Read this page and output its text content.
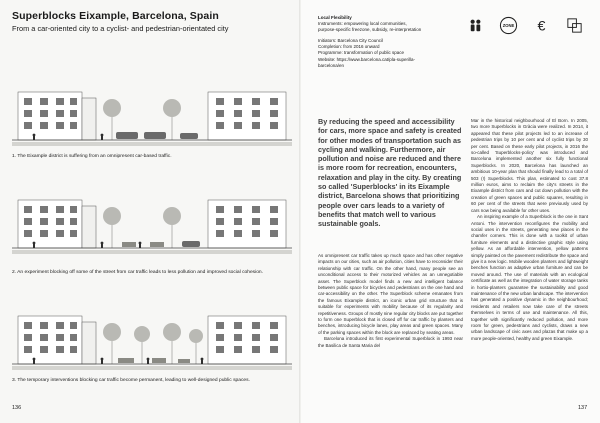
Superblocks Eixample, Barcelona, Spain
From a car-oriented city to a cyclist- and pedestrian-orientated city
1. The Eixample district is suffering from an omnipresent car-based traffic.
2. An experiment blocking off some of the street from car traffic leads to less pollution and improved social cohesion.
3. The temporary interventions blocking car traffic become permanent, leading to well-designed public spaces.
136
Local Flexibility
Instruments: empowering local communities,
purpose-specific freezone, subsidy, re-interpretation
Initiators: Barcelona City Council
Completion: from 2016 onward
Programme: transformation of public space
Website: https://www.barcelona.cat/pla-superilla-
barcelona/en
ZONE €
By reducing the speed and accessibility for cars, more space and safety is created for other modes of transportation such as cycling and walking. Furthermore, air pollution and noise are reduced and there is more room for recreation, encounters, relaxation and play in the city. By creating so called 'Superblocks' in its Eixample district, Barcelona shows that prioritizing people over cars leads to a variety of benefits that match well to various sustainable goals.

As omnipresent car traffic takes up much space and has other negative impacts on our cities, such as air pollution, cities have to reconsider their relationship with car traffic. On the other hand, many people see an unconditional access to their motorized vehicles as an unnegotiable asset. The Superblock model finds a new and intelligent balance between public space for bicycles and pedestrians on the one hand and car-accessibility on the other. The Superblock scheme emanates from the famous Eixample district, an iconic urban grid structure that is suitable for experiments with mobility because of its regularity and repetitiveness. Groups of mostly nine regular city blocks are put together to form one Superblock that is closed off for car traffic by planters and benches, introducing bicycle lanes, play areas and green spaces. Many of the parking spaces within the block are replaced by seating areas.

Barcelona introduced its first experimental Superblock in 1993 near the Basilica de Santa Maria del

Mar in the historical neighbourhood of El Born. In 2005, two more Superblocks in Gràcia were realized. In 2014, it appeared that these pilot projects led to an increase of pedestrian trips by 10 per cent and of cyclist trips by 30 per cent. Based on these early pilot projects, in 2016 the so-called 'Superblocks-policy' was introduced and Barcelona implemented another six fully functional Superblocks. In 2020, Barcelona has launched an ambitious 10-year plan that should finally lead to a total of 503 (!) Superblocks. This plan, estimated to cost 37.8 million euros, aims to reclaim the city's streets in the Eixample district from cars and cut down pollution with the creation of green spaces and public squares, resulting in 60 per cent of the streets that were previously used by cars now being available for other uses.

An inspiring example of a Superblock is the one in Sant Antoni. The intervention reconfigures the mobility and social uses in the streets, generating new places in the chamfer corners. This is done with a toolkit of urban furniture elements and a distinctive graphic style using yellow. As an affordable intervention, yellow patterns simply painted on the pavement redistribute the space and give it a new logic. Mobile wooden planters and lightweight benches function as adaptive urban furniture and can be moved around. The use of materials with an ecological certificate as well as the integration of water storage tanks in hortio-planters guarantee the sustainability and good maintenance of the new urban landscape. The intervention has generated a positive dynamic in the neighbourhood; residents and retailers now take care of the streets themselves in terms of use and maintenance. All this, together with significantly reduced pollution, and more room for green, pedestrians and cyclists, draws a new urban landscape of civic axes and plazas that make up a more people-oriented, healthy and green Eixample.

137
